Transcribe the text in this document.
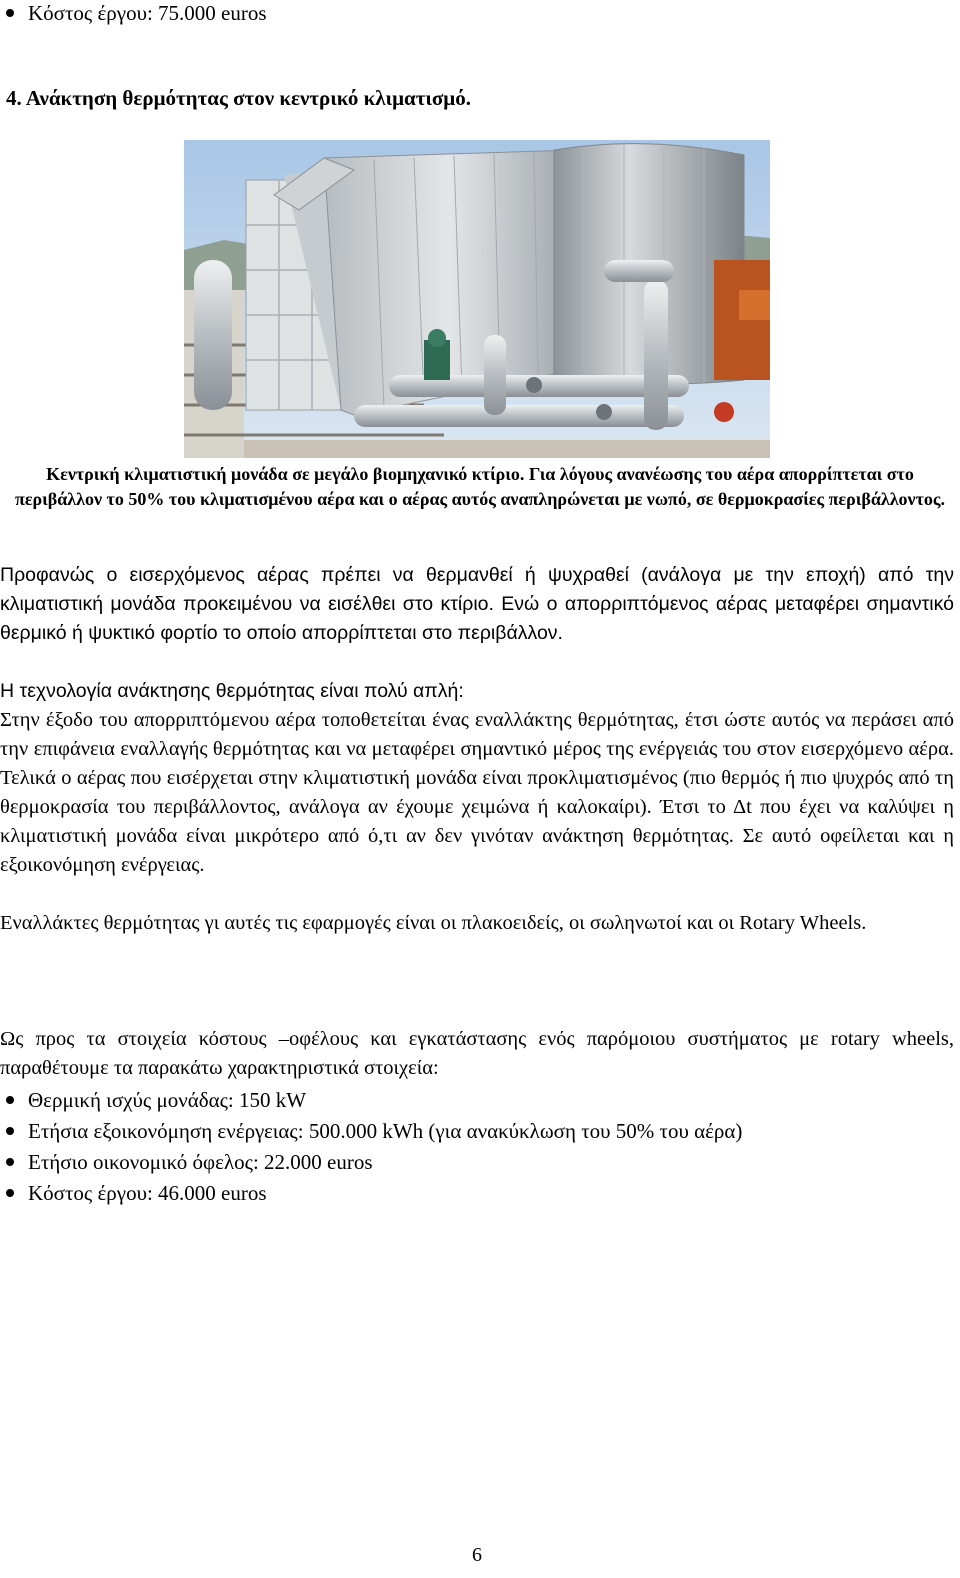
Κόστος έργου: 75.000 euros
4. Ανάκτηση θερμότητας στον κεντρικό κλιματισμό.
Κεντρική κλιματιστική μονάδα σε μεγάλο βιομηχανικό κτίριο. Για λόγους ανανέωσης του αέρα απορρίπτεται στο περιβάλλον το 50% του κλιματισμένου αέρα και ο αέρας αυτός αναπληρώνεται με νωπό, σε θερμοκρασίες περιβάλλοντος.
Προφανώς ο εισερχόμενος αέρας πρέπει να θερμανθεί ή ψυχραθεί (ανάλογα με την εποχή) από την κλιματιστική μονάδα προκειμένου να εισέλθει στο κτίριο. Ενώ ο απορριπτόμενος αέρας μεταφέρει σημαντικό θερμικό ή ψυκτικό φορτίο το οποίο απορρίπτεται στο περιβάλλον.
Η τεχνολογία ανάκτησης θερμότητας είναι πολύ απλή:
Στην έξοδο του απορριπτόμενου αέρα τοποθετείται ένας εναλλάκτης θερμότητας, έτσι ώστε αυτός να περάσει από την επιφάνεια εναλλαγής θερμότητας και να μεταφέρει σημαντικό μέρος της ενέργειάς του στον εισερχόμενο αέρα. Τελικά ο αέρας που εισέρχεται στην κλιματιστική μονάδα είναι προκλιματισμένος (πιο θερμός ή πιο ψυχρός από τη θερμοκρασία του περιβάλλοντος, ανάλογα αν έχουμε χειμώνα ή καλοκαίρι). Έτσι το Δt που έχει να καλύψει η κλιματιστική μονάδα είναι μικρότερο από ό,τι αν δεν γινόταν ανάκτηση θερμότητας. Σε αυτό οφείλεται και η εξοικονόμηση ενέργειας.
Εναλλάκτες θερμότητας γι αυτές τις εφαρμογές είναι οι πλακοειδείς, οι σωληνωτοί και οι Rotary Wheels.
Ως προς τα στοιχεία κόστους –οφέλους και εγκατάστασης ενός παρόμοιου συστήματος με rotary wheels, παραθέτουμε τα παρακάτω χαρακτηριστικά στοιχεία:
Θερμική ισχύς μονάδας: 150 kW
Ετήσια εξοικονόμηση ενέργειας: 500.000 kWh (για ανακύκλωση του 50% του αέρα)
Ετήσιο οικονομικό όφελος: 22.000 euros
Κόστος έργου: 46.000 euros
6
